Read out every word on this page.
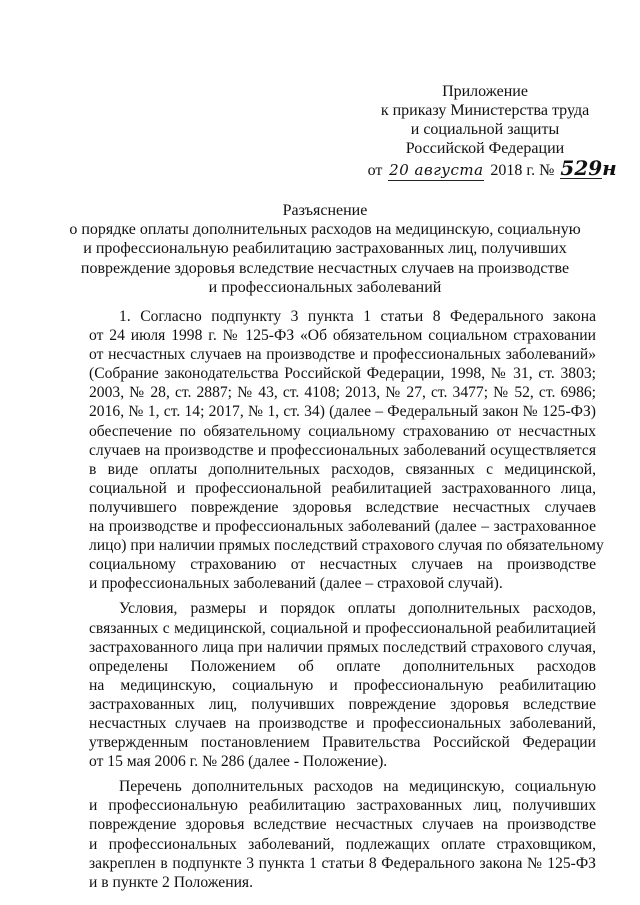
Приложение
к приказу Министерства труда
и социальной защиты
Российской Федерации
от 20 августа 2018 г. № 529н
Разъяснение
о порядке оплаты дополнительных расходов на медицинскую, социальную
и профессиональную реабилитацию застрахованных лиц, получивших
повреждение здоровья вследствие несчастных случаев на производстве
и профессиональных заболеваний

1. Согласно подпункту 3 пункта 1 статьи 8 Федерального закона
от 24 июля 1998 г. № 125-ФЗ «Об обязательном социальном страховании
от несчастных случаев на производстве и профессиональных заболеваний»
(Собрание законодательства Российской Федерации, 1998, № 31, ст. 3803;
2003, № 28, ст. 2887; № 43, ст. 4108; 2013, № 27, ст. 3477; № 52, ст. 6986;
2016, № 1, ст. 14; 2017, № 1, ст. 34) (далее – Федеральный закон № 125-ФЗ)
обеспечение по обязательному социальному страхованию от несчастных
случаев на производстве и профессиональных заболеваний осуществляется
в виде оплаты дополнительных расходов, связанных с медицинской,
социальной и профессиональной реабилитацией застрахованного лица,
получившего повреждение здоровья вследствие несчастных случаев
на производстве и профессиональных заболеваний (далее – застрахованное
лицо) при наличии прямых последствий страхового случая по обязательному
социальному страхованию от несчастных случаев на производстве
и профессиональных заболеваний (далее – страховой случай).

Условия, размеры и порядок оплаты дополнительных расходов,
связанных с медицинской, социальной и профессиональной реабилитацией
застрахованного лица при наличии прямых последствий страхового случая,
определены Положением об оплате дополнительных расходов
на медицинскую, социальную и профессиональную реабилитацию
застрахованных лиц, получивших повреждение здоровья вследствие
несчастных случаев на производстве и профессиональных заболеваний,
утвержденным постановлением Правительства Российской Федерации
от 15 мая 2006 г. № 286 (далее - Положение).

Перечень дополнительных расходов на медицинскую, социальную
и профессиональную реабилитацию застрахованных лиц, получивших
повреждение здоровья вследствие несчастных случаев на производстве
и профессиональных заболеваний, подлежащих оплате страховщиком,
закреплен в подпункте 3 пункта 1 статьи 8 Федерального закона № 125-ФЗ
и в пункте 2 Положения.
